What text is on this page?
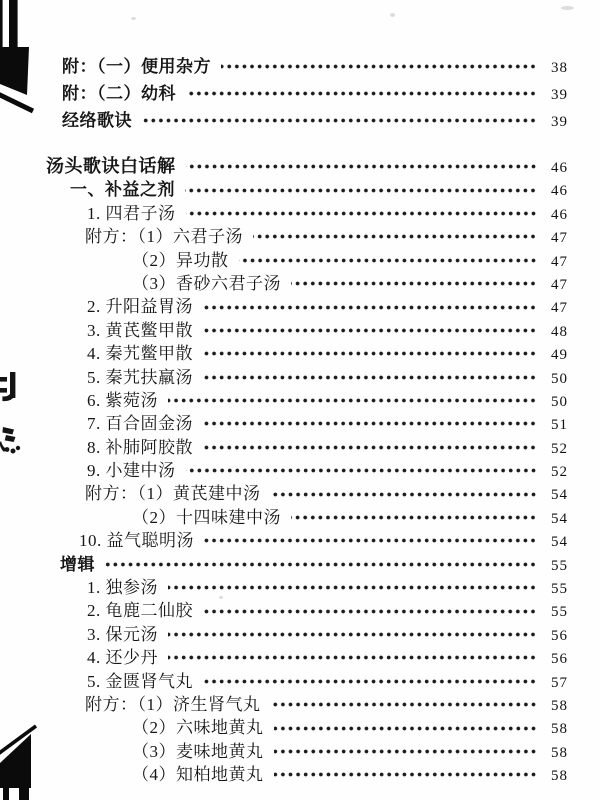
附：（一）便用杂方	38
附：（二）幼科	39
经络歌诀	39
汤头歌诀白话解	46
一、补益之剂	46
1. 四君子汤	46
附方：（1）六君子汤	47
（2）异功散	47
（3）香砂六君子汤	47
2. 升阳益胃汤	47
3. 黄芪鳖甲散	48
4. 秦艽鳖甲散	49
5. 秦艽扶羸汤	50
6. 紫菀汤	50
7. 百合固金汤	51
8. 补肺阿胶散	52
9. 小建中汤	52
附方：（1）黄芪建中汤	54
（2）十四味建中汤	54
10. 益气聪明汤	54
增辑	55
1. 独参汤	55
2. 龟鹿二仙胶	55
3. 保元汤	56
4. 还少丹	56
5. 金匮肾气丸	57
附方：（1）济生肾气丸	58
（2）六味地黄丸	58
（3）麦味地黄丸	58
（4）知柏地黄丸	58
